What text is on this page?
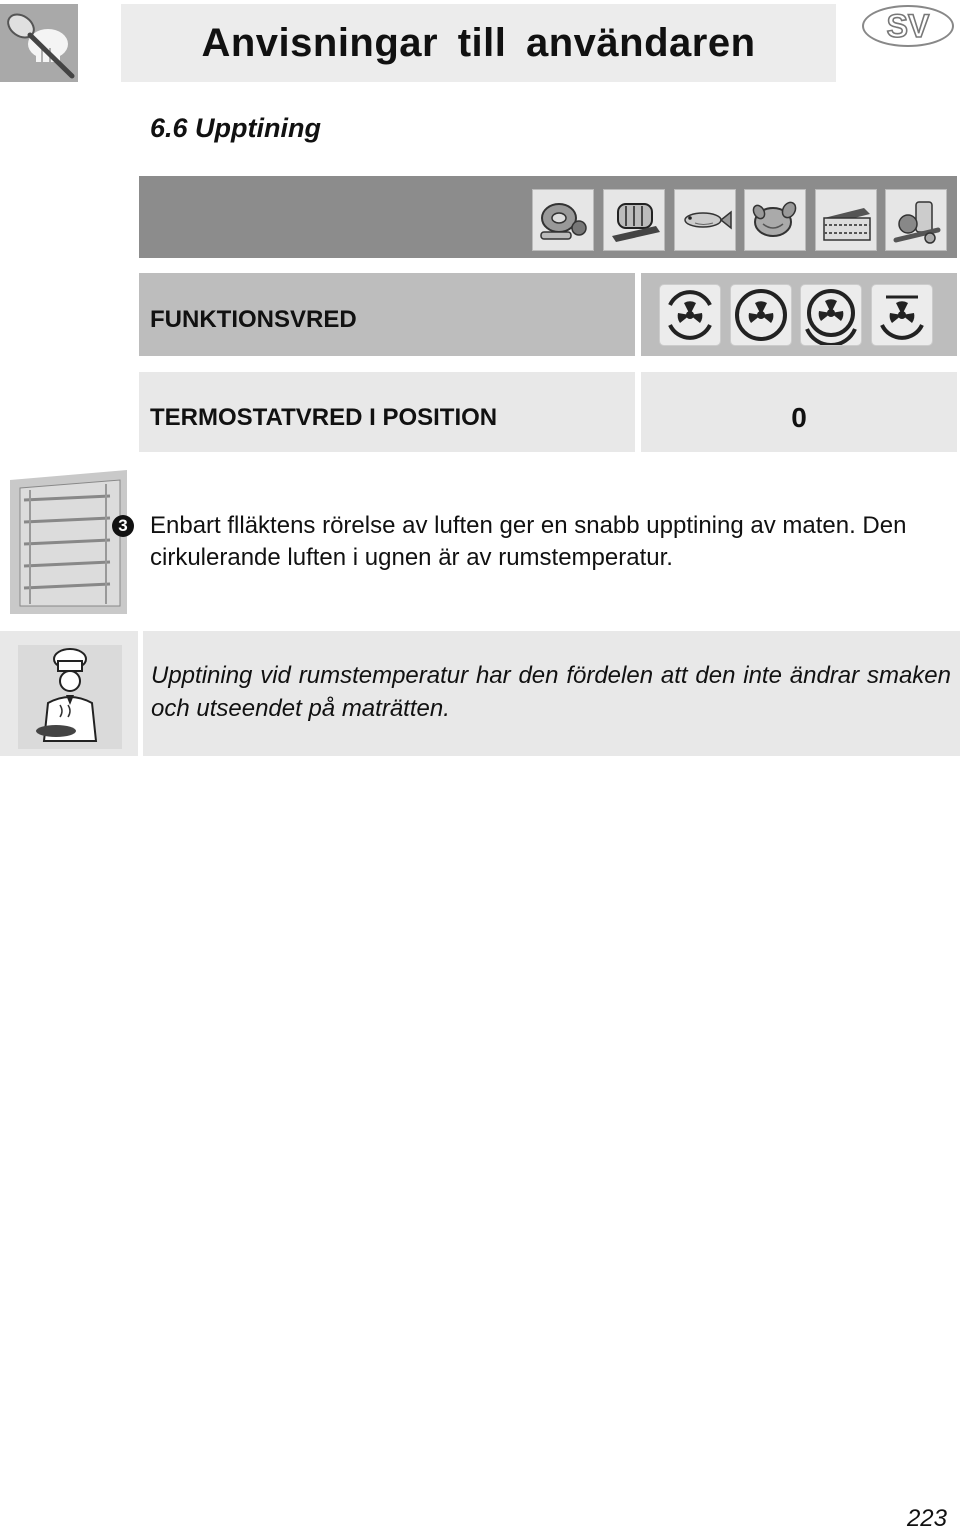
Anvisningar till användaren	SV
6.6 Upptining
FUNKTIONSVRED
TERMOSTATVRED I POSITION	0
3 Enbart flläktens rörelse av luften ger en snabb upptining av maten. Den cirkulerande luften i ugnen är av rumstemperatur.
Upptining vid rumstemperatur har den fördelen att den inte ändrar smaken och utseendet på maträtten.
223
